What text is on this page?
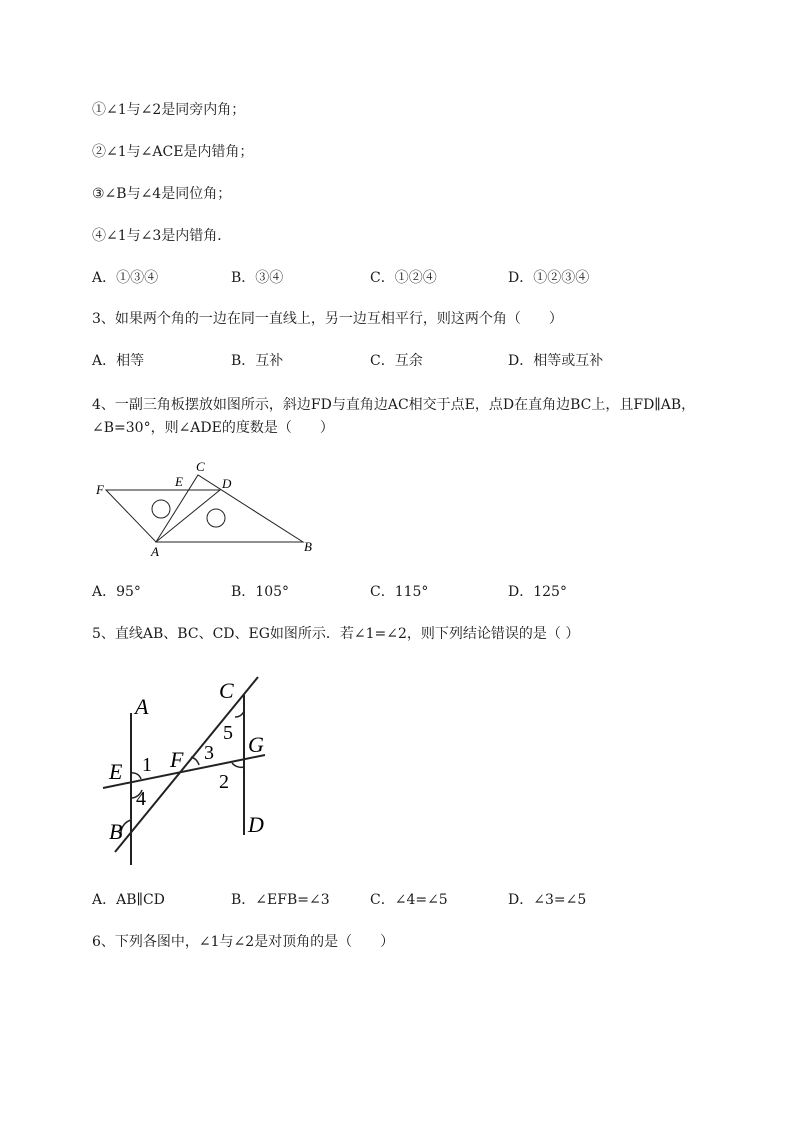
①∠1与∠2是同旁内角；
②∠1与∠ACE是内错角；
③∠B与∠4是同位角；
④∠1与∠3是内错角．
A．①③④	B．③④	C．①②④	D．①②③④
3、如果两个角的一边在同一直线上，另一边互相平行，则这两个角（　　）
A．相等	B．互补	C．互余	D．相等或互补
4、一副三角板摆放如图所示，斜边FD与直角边AC相交于点E，点D在直角边BC上，且FD∥AB，
∠B=30°，则∠ADE的度数是（　　）
F
E
C
D
A	B
A．95°	B．105°	C．115°	D．125°
5、直线AB、BC、CD、EG如图所示．若∠1=∠2，则下列结论错误的是（ ）
A
C
5 G
E 1 F 3
2
4
B	D
A．AB∥CD	B．∠EFB=∠3	C．∠4=∠5	D．∠3=∠5
6、下列各图中，∠1与∠2是对顶角的是（　　）
